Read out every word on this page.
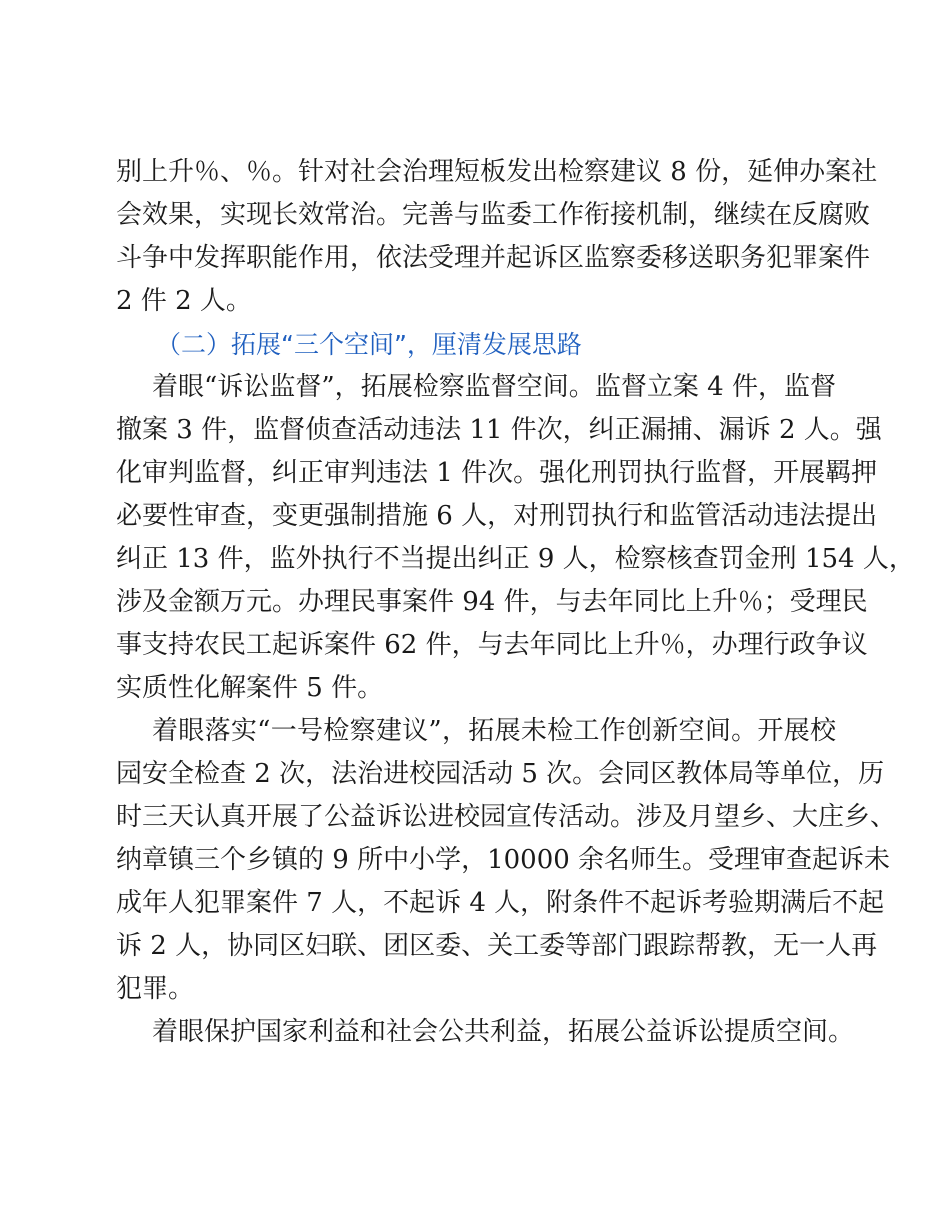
别上升％、％。针对社会治理短板发出检察建议 8 份，延伸办案社
会效果，实现长效常治。完善与监委工作衔接机制，继续在反腐败
斗争中发挥职能作用，依法受理并起诉区监察委移送职务犯罪案件
2 件 2 人。
（二）拓展“三个空间”，厘清发展思路
着眼“诉讼监督”，拓展检察监督空间。监督立案 4 件，监督
撤案 3 件，监督侦查活动违法 11 件次，纠正漏捕、漏诉 2 人。强
化审判监督，纠正审判违法 1 件次。强化刑罚执行监督，开展羁押
必要性审查，变更强制措施 6 人，对刑罚执行和监管活动违法提出
纠正 13 件，监外执行不当提出纠正 9 人，检察核查罚金刑 154 人，
涉及金额万元。办理民事案件 94 件，与去年同比上升％；受理民
事支持农民工起诉案件 62 件，与去年同比上升％，办理行政争议
实质性化解案件 5 件。
着眼落实“一号检察建议”，拓展未检工作创新空间。开展校
园安全检查 2 次，法治进校园活动 5 次。会同区教体局等单位，历
时三天认真开展了公益诉讼进校园宣传活动。涉及月望乡、大庄乡、
纳章镇三个乡镇的 9 所中小学，10000 余名师生。受理审查起诉未
成年人犯罪案件 7 人，不起诉 4 人，附条件不起诉考验期满后不起
诉 2 人，协同区妇联、团区委、关工委等部门跟踪帮教，无一人再
犯罪。
着眼保护国家利益和社会公共利益，拓展公益诉讼提质空间。
